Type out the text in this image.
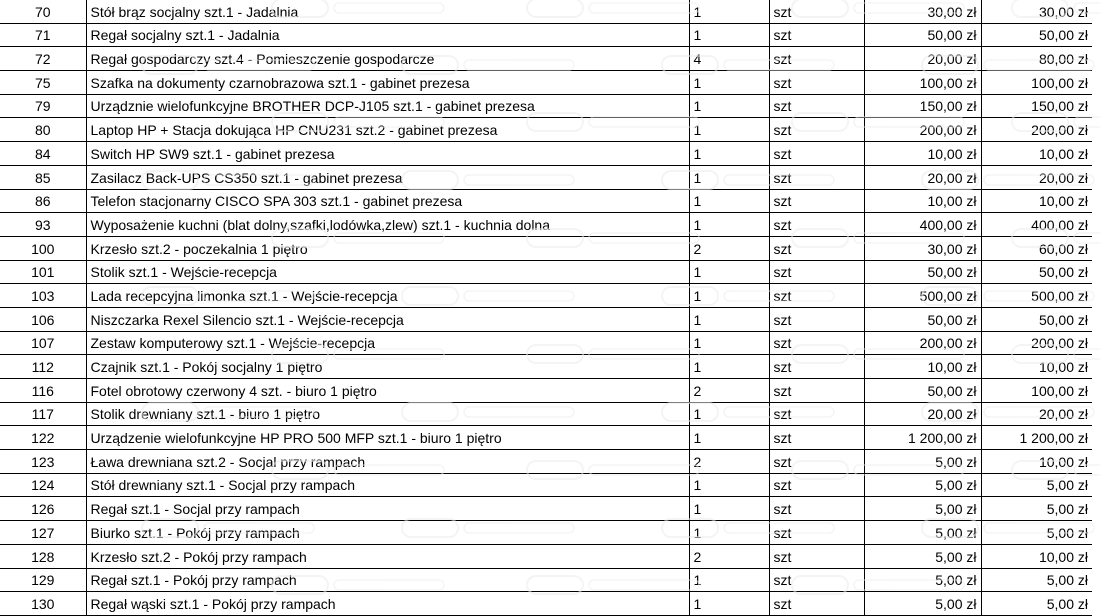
70	Stół brąz socjalny szt.1 - Jadalnia	1	szt	30,00 zł	30,00 zł
71	Regał socjalny szt.1 - Jadalnia	1	szt	50,00 zł	50,00 zł
72	Regał gospodarczy szt.4 - Pomieszczenie gospodarcze	4	szt	20,00 zł	80,00 zł
75	Szafka na dokumenty czarnobrazowa szt.1 - gabinet prezesa	1	szt	100,00 zł	100,00 zł
79	Urządznie wielofunkcyjne BROTHER DCP-J105 szt.1 - gabinet prezesa	1	szt	150,00 zł	150,00 zł
80	Laptop HP + Stacja dokująca HP CNU231 szt.2 - gabinet prezesa	1	szt	200,00 zł	200,00 zł
84	Switch HP SW9 szt.1 - gabinet prezesa	1	szt	10,00 zł	10,00 zł
85	Zasilacz Back-UPS CS350 szt.1 - gabinet prezesa	1	szt	20,00 zł	20,00 zł
86	Telefon stacjonarny CISCO SPA 303 szt.1 - gabinet prezesa	1	szt	10,00 zł	10,00 zł
93	Wyposażenie kuchni (blat dolny,szafki,lodówka,zlew) szt.1 - kuchnia dolna	1	szt	400,00 zł	400,00 zł
100	Krzesło szt.2 - poczekalnia 1 piętro	2	szt	30,00 zł	60,00 zł
101	Stolik szt.1 - Wejście-recepcja	1	szt	50,00 zł	50,00 zł
103	Lada recepcyjna limonka szt.1 - Wejście-recepcja	1	szt	500,00 zł	500,00 zł
106	Niszczarka Rexel Silencio szt.1 - Wejście-recepcja	1	szt	50,00 zł	50,00 zł
107	Zestaw komputerowy szt.1 - Wejście-recepcja	1	szt	200,00 zł	200,00 zł
112	Czajnik szt.1 - Pokój socjalny 1 piętro	1	szt	10,00 zł	10,00 zł
116	Fotel obrotowy czerwony 4 szt. - biuro 1 piętro	2	szt	50,00 zł	100,00 zł
117	Stolik drewniany szt.1 - biuro 1 piętro	1	szt	20,00 zł	20,00 zł
122	Urządzenie wielofunkcyjne HP PRO 500 MFP szt.1 - biuro 1 piętro	1	szt	1 200,00 zł	1 200,00 zł
123	Ława drewniana szt.2 - Socjal przy rampach	2	szt	5,00 zł	10,00 zł
124	Stół drewniany szt.1 - Socjal przy rampach	1	szt	5,00 zł	5,00 zł
126	Regał szt.1 - Socjal przy rampach	1	szt	5,00 zł	5,00 zł
127	Biurko szt.1 - Pokój przy rampach	1	szt	5,00 zł	5,00 zł
128	Krzesło szt.2 - Pokój przy rampach	2	szt	5,00 zł	10,00 zł
129	Regał szt.1 - Pokój przy rampach	1	szt	5,00 zł	5,00 zł
130	Regał wąski szt.1 - Pokój przy rampach	1	szt	5,00 zł	5,00 zł
